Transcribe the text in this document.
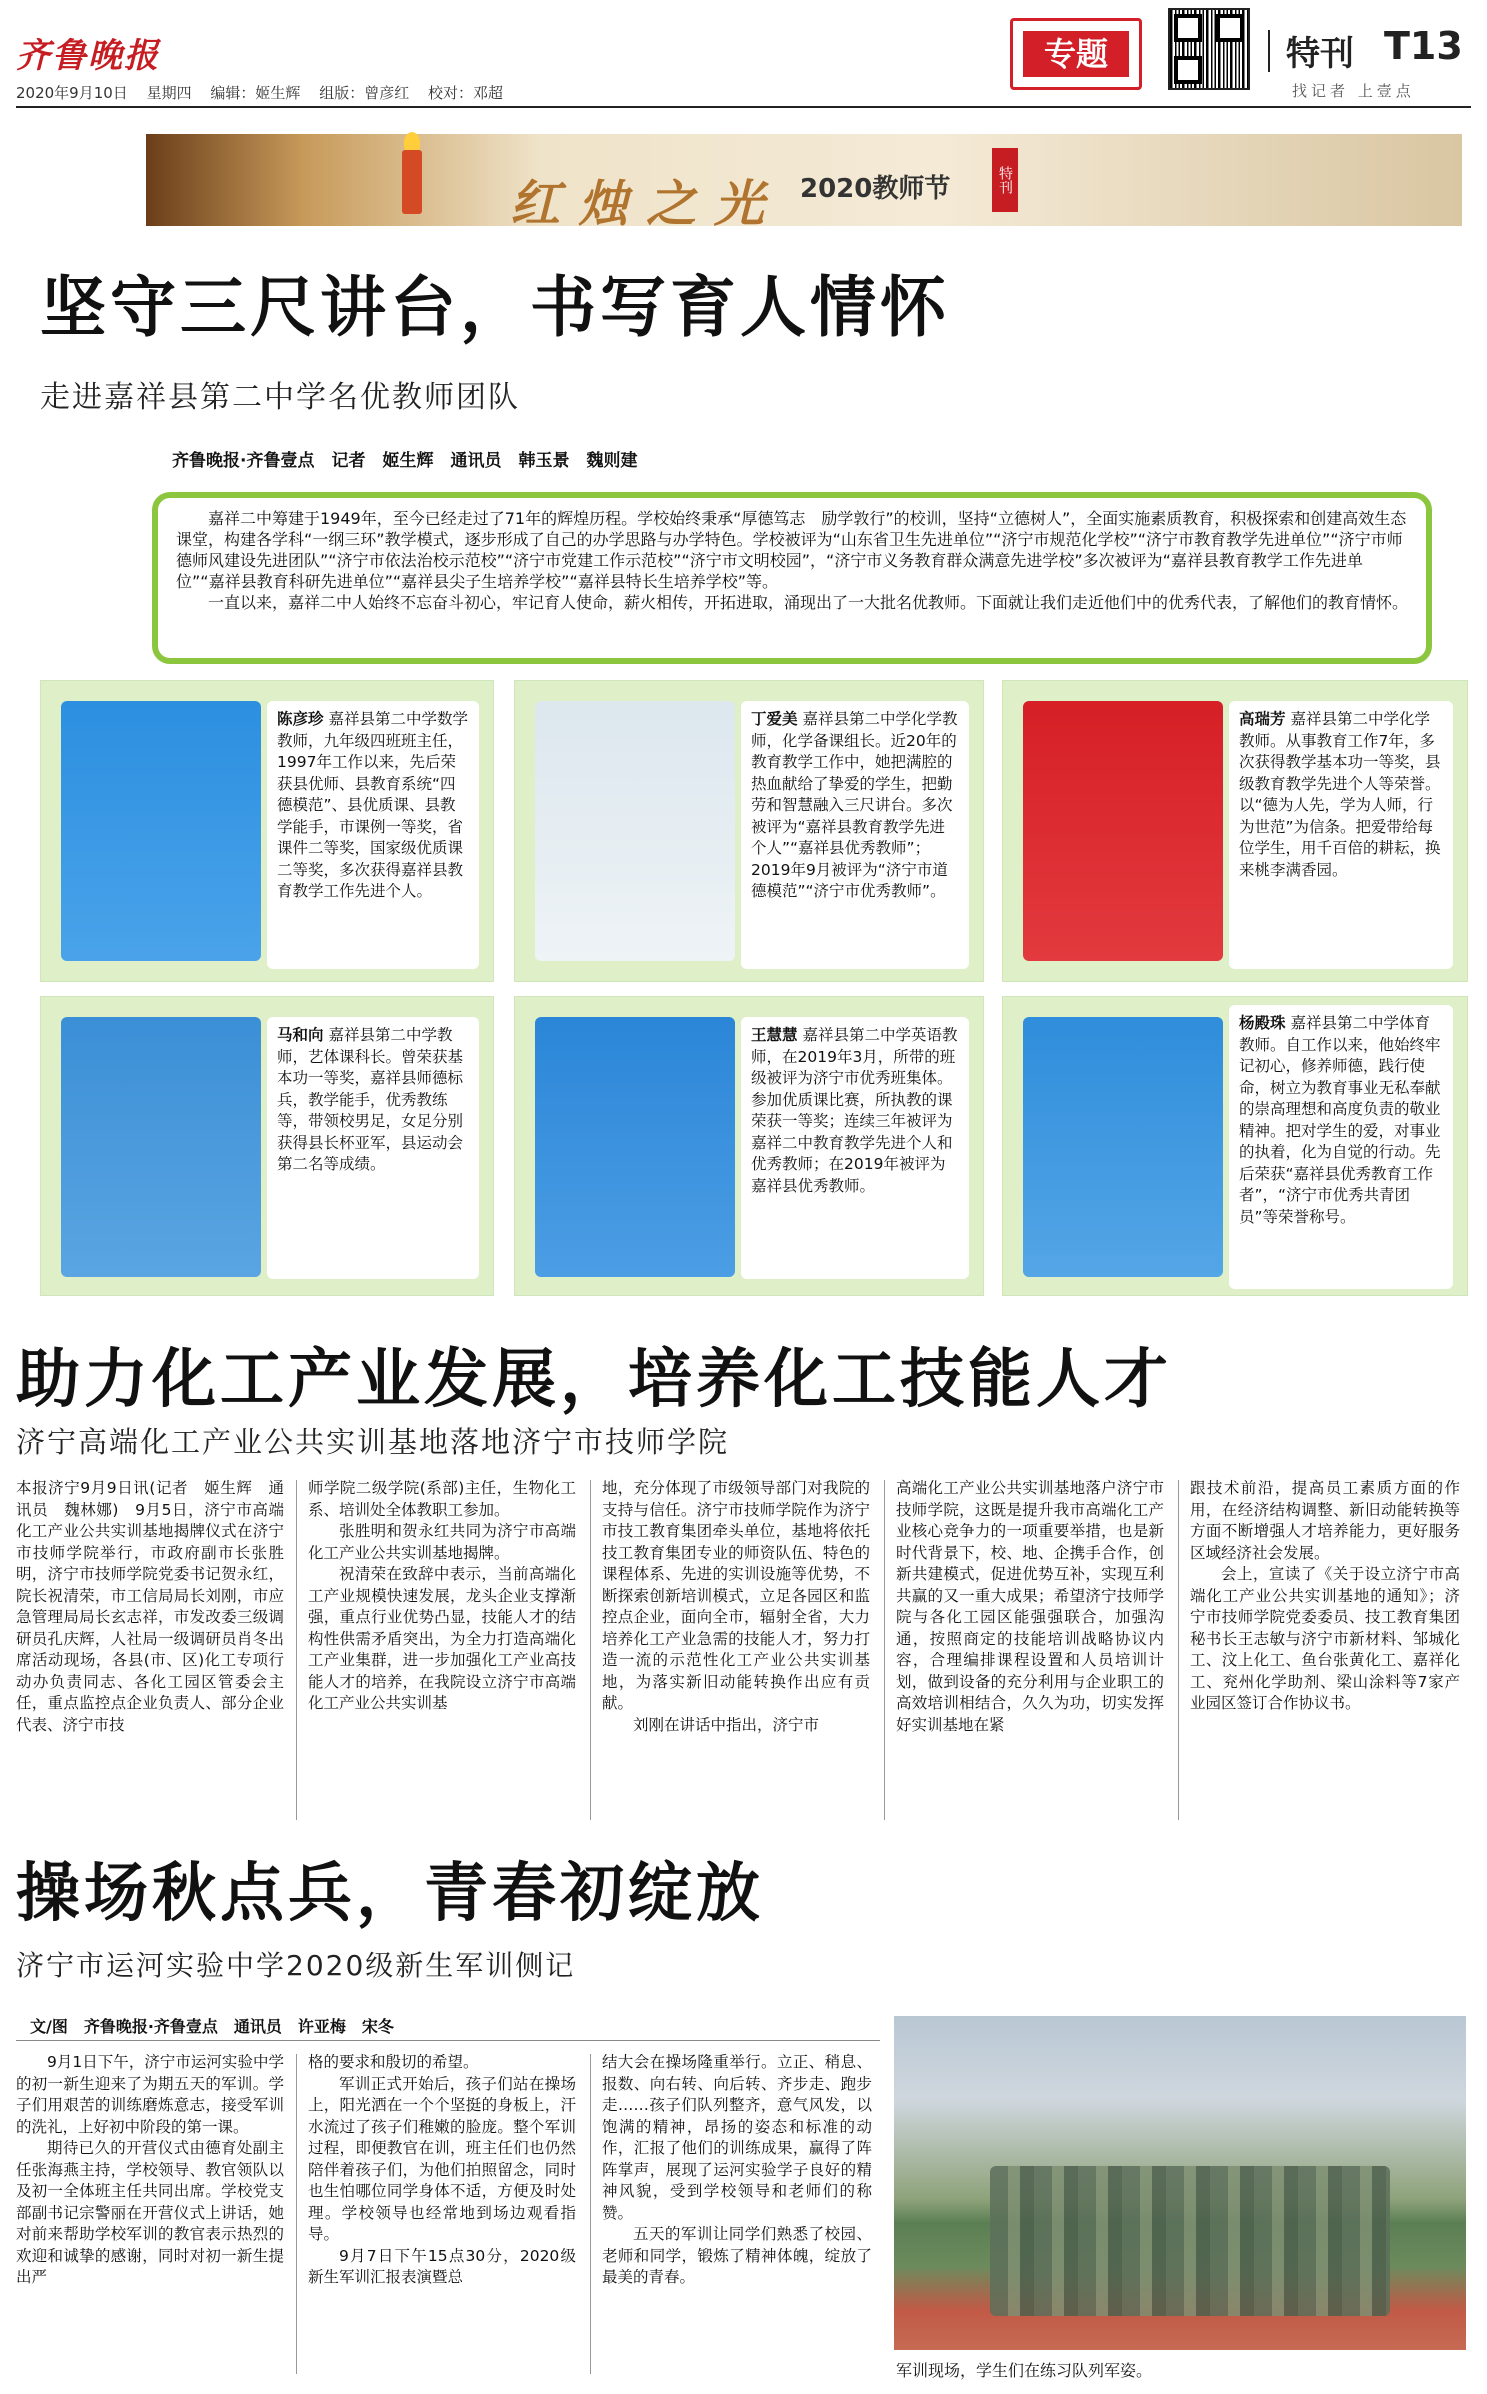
齐鲁晚报
2020年9月10日 星期四 编辑：姬生辉 组版：曾彦红 校对：邓超
专题	特刊 T13
找记者 上壹点
红烛之光 2020教师节	特刊
坚守三尺讲台，书写育人情怀
走进嘉祥县第二中学名优教师团队
齐鲁晚报·齐鲁壹点　记者　姬生辉　通讯员　韩玉景　魏则建

嘉祥二中筹建于1949年，至今已经走过了71年的辉煌历程。学校始终秉承“厚德笃志　励学敦行”的校训，坚持“立德树人”，全面实施素质教育，积极探索和创建高效生态课堂，构建各学科“一纲三环”教学模式，逐步形成了自己的办学思路与办学特色。学校被评为“山东省卫生先进单位”“济宁市规范化学校”“济宁市教育教学先进单位”“济宁市师德师风建设先进团队”“济宁市依法治校示范校”“济宁市党建工作示范校”“济宁市文明校园”，“济宁市义务教育群众满意先进学校”多次被评为“嘉祥县教育教学工作先进单位”“嘉祥县教育科研先进单位”“嘉祥县尖子生培养学校”“嘉祥县特长生培养学校”等。

一直以来，嘉祥二中人始终不忘奋斗初心，牢记育人使命，薪火相传，开拓进取，涌现出了一大批名优教师。下面就让我们走近他们中的优秀代表，了解他们的教育情怀。

陈彦珍 嘉祥县第二中学数学教师，九年级四班班主任，1997年工作以来，先后荣获县优师、县教育系统“四德模范”、县优质课、县教学能手，市课例一等奖，省课件二等奖，国家级优质课二等奖，多次获得嘉祥县教育教学工作先进个人。
丁爱美 嘉祥县第二中学化学教师，化学备课组长。近20年的教育教学工作中，她把满腔的热血献给了挚爱的学生，把勤劳和智慧融入三尺讲台。多次被评为“嘉祥县教育教学先进个人”“嘉祥县优秀教师”；2019年9月被评为“济宁市道德模范”“济宁市优秀教师”。
高瑞芳 嘉祥县第二中学化学教师。从事教育工作7年，多次获得教学基本功一等奖，县级教育教学先进个人等荣誉。以“德为人先，学为人师，行为世范”为信条。把爱带给每位学生，用千百倍的耕耘，换来桃李满香园。
马和向 嘉祥县第二中学教师，艺体课科长。曾荣获基本功一等奖，嘉祥县师德标兵，教学能手，优秀教练等，带领校男足，女足分别获得县长杯亚军，县运动会第二名等成绩。
王慧慧 嘉祥县第二中学英语教师，在2019年3月，所带的班级被评为济宁市优秀班集体。参加优质课比赛，所执教的课荣获一等奖；连续三年被评为嘉祥二中教育教学先进个人和优秀教师；在2019年被评为嘉祥县优秀教师。
杨殿珠 嘉祥县第二中学体育教师。自工作以来，他始终牢记初心，修养师德，践行使命，树立为教育事业无私奉献的崇高理想和高度负责的敬业精神。把对学生的爱，对事业的执着，化为自觉的行动。先后荣获“嘉祥县优秀教育工作者”，“济宁市优秀共青团员”等荣誉称号。
助力化工产业发展，培养化工技能人才
济宁高端化工产业公共实训基地落地济宁市技师学院

本报济宁9月9日讯(记者　姬生辉　通讯员　魏林娜)　9月5日，济宁市高端化工产业公共实训基地揭牌仪式在济宁市技师学院举行，市政府副市长张胜明，济宁市技师学院党委书记贺永红，院长祝清荣，市工信局局长刘刚，市应急管理局局长玄志祥，市发改委三级调研员孔庆辉，人社局一级调研员肖冬出席活动现场，各县(市、区)化工专项行动办负责同志、各化工园区管委会主任，重点监控点企业负责人、部分企业代表、济宁市技

师学院二级学院(系部)主任，生物化工系、培训处全体教职工参加。

张胜明和贺永红共同为济宁市高端化工产业公共实训基地揭牌。

祝清荣在致辞中表示，当前高端化工产业规模快速发展，龙头企业支撑渐强，重点行业优势凸显，技能人才的结构性供需矛盾突出，为全力打造高端化工产业集群，进一步加强化工产业高技能人才的培养，在我院设立济宁市高端化工产业公共实训基

地，充分体现了市级领导部门对我院的支持与信任。济宁市技师学院作为济宁市技工教育集团牵头单位，基地将依托技工教育集团专业的师资队伍、特色的课程体系、先进的实训设施等优势，不断探索创新培训模式，立足各园区和监控点企业，面向全市，辐射全省，大力培养化工产业急需的技能人才，努力打造一流的示范性化工产业公共实训基地，为落实新旧动能转换作出应有贡献。

刘刚在讲话中指出，济宁市

高端化工产业公共实训基地落户济宁市技师学院，这既是提升我市高端化工产业核心竞争力的一项重要举措，也是新时代背景下，校、地、企携手合作，创新共建模式，促进优势互补，实现互利共赢的又一重大成果；希望济宁技师学院与各化工园区能强强联合，加强沟通，按照商定的技能培训战略协议内容，合理编排课程设置和人员培训计划，做到设备的充分利用与企业职工的高效培训相结合，久久为功，切实发挥好实训基地在紧

跟技术前沿，提高员工素质方面的作用，在经济结构调整、新旧动能转换等方面不断增强人才培养能力，更好服务区域经济社会发展。

会上，宣读了《关于设立济宁市高端化工产业公共实训基地的通知》；济宁市技师学院党委委员、技工教育集团秘书长王志敏与济宁市新材料、邹城化工、汶上化工、鱼台张黄化工、嘉祥化工、兖州化学助剂、梁山涂料等7家产业园区签订合作协议书。

操场秋点兵，青春初绽放
济宁市运河实验中学2020级新生军训侧记
文/图　齐鲁晚报·齐鲁壹点　通讯员　许亚梅　宋冬

9月1日下午，济宁市运河实验中学的初一新生迎来了为期五天的军训。学子们用艰苦的训练磨炼意志，接受军训的洗礼，上好初中阶段的第一课。

期待已久的开营仪式由德育处副主任张海燕主持，学校领导、教官领队以及初一全体班主任共同出席。学校党支部副书记宗警丽在开营仪式上讲话，她对前来帮助学校军训的教官表示热烈的欢迎和诚挚的感谢，同时对初一新生提出严

格的要求和殷切的希望。

军训正式开始后，孩子们站在操场上，阳光洒在一个个坚挺的身板上，汗水流过了孩子们稚嫩的脸庞。整个军训过程，即便教官在训，班主任们也仍然陪伴着孩子们，为他们拍照留念，同时也生怕哪位同学身体不适，方便及时处理。学校领导也经常地到场边观看指导。

9月7日下午15点30分，2020级新生军训汇报表演暨总

结大会在操场隆重举行。立正、稍息、报数、向右转、向后转、齐步走、跑步走……孩子们队列整齐，意气风发，以饱满的精神，昂扬的姿态和标准的动作，汇报了他们的训练成果，赢得了阵阵掌声，展现了运河实验学子良好的精神风貌，受到学校领导和老师们的称赞。

五天的军训让同学们熟悉了校园、老师和同学，锻炼了精神体魄，绽放了最美的青春。

军训现场，学生们在练习队列军姿。
